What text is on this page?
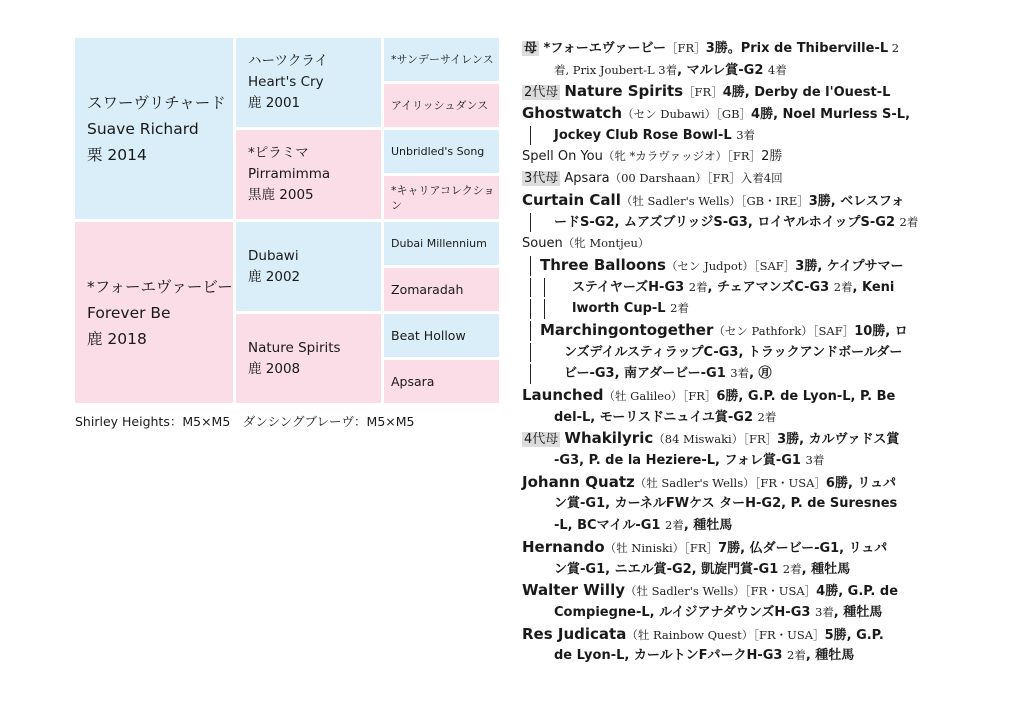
スワーヴリチャード
Suave Richard
栗 2014
*フォーエヴァービー
Forever Be
鹿 2018
ハーツクライ
Heart's Cry
鹿 2001
*ピラミマ
Pirramimma
黒鹿 2005
Dubawi
鹿 2002
Nature Spirits
鹿 2008
*サンデーサイレンス
アイリッシュダンス
Unbridled's Song
*キャリアコレクション
Dubai Millennium
Zomaradah
Beat Hollow
Apsara
Shirley Heights：M5×M5　ダンシングブレーヴ：M5×M5
母 *フォーエヴァービー［FR］3勝。Prix de Thiberville-L 2
着, Prix Joubert-L 3着, マルレ賞-G2 4着
2代母 Nature Spirits［FR］4勝, Derby de l'Ouest-L
Ghostwatch（セン Dubawi）［GB］4勝, Noel Murless S-L,
Jockey Club Rose Bowl-L 3着
Spell On You（牝 *カラヴァッジオ）［FR］2勝
3代母 Apsara（00 Darshaan）［FR］入着4回
Curtain Call（牡 Sadler's Wells）［GB・IRE］3勝, ベレスフォ
ードS-G2, ムアズブリッジS-G3, ロイヤルホイップS-G2 2着
Souen（牝 Montjeu）
Three Balloons（セン Judpot）［SAF］3勝, ケイプサマー
ステイヤーズH-G3 2着, チェアマンズC-G3 2着, Keni
lworth Cup-L 2着
Marchingontogether（セン Pathfork）［SAF］10勝, ロ
ンズデイルスティラップC-G3, トラックアンドボールダー
ビー-G3, 南アダービー-G1 3着, ㊊
Launched（牡 Galileo）［FR］6勝, G.P. de Lyon-L, P. Be
del-L, モーリスドニュイユ賞-G2 2着
4代母 Whakilyric（84 Miswaki）［FR］3勝, カルヴァドス賞
-G3, P. de la Heziere-L, フォレ賞-G1 3着
Johann Quatz（牡 Sadler's Wells）［FR・USA］6勝, リュパ
ン賞-G1, カーネルFWケス ターH-G2, P. de Suresnes
-L, BCマイル-G1 2着, 種牡馬
Hernando（牡 Niniski）［FR］7勝, 仏ダービー-G1, リュパ
ン賞-G1, ニエル賞-G2, 凱旋門賞-G1 2着, 種牡馬
Walter Willy（牡 Sadler's Wells）［FR・USA］4勝, G.P. de
Compiegne-L, ルイジアナダウンズH-G3 3着, 種牡馬
Res Judicata（牡 Rainbow Quest）［FR・USA］5勝, G.P.
de Lyon-L, カールトンFパークH-G3 2着, 種牡馬
